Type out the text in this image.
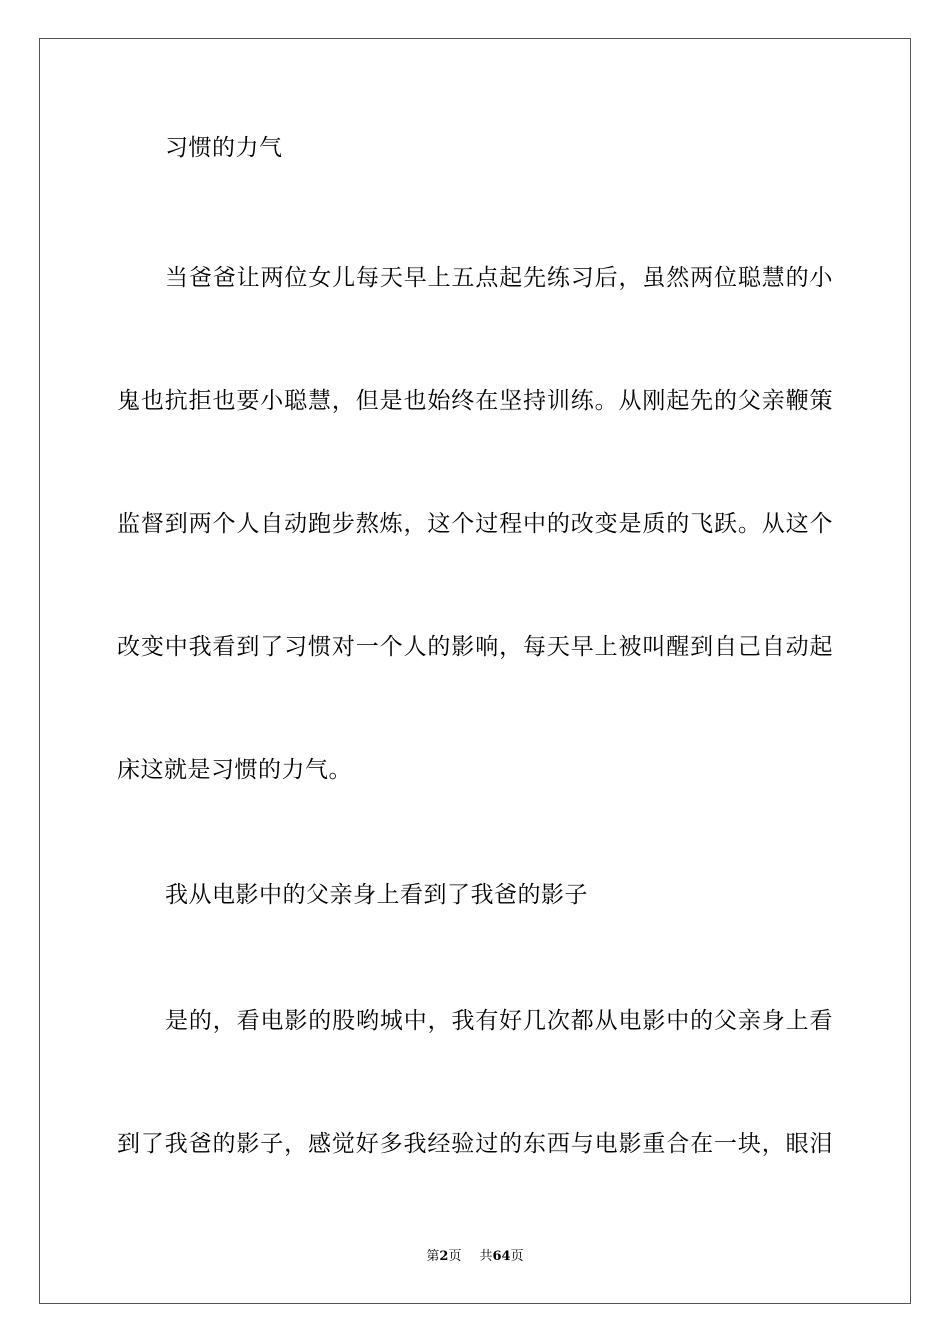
习惯的力气
当爸爸让两位女儿每天早上五点起先练习后，虽然两位聪慧的小
鬼也抗拒也要小聪慧，但是也始终在坚持训练。从刚起先的父亲鞭策
监督到两个人自动跑步熬炼，这个过程中的改变是质的飞跃。从这个
改变中我看到了习惯对一个人的影响，每天早上被叫醒到自己自动起
床这就是习惯的力气。
我从电影中的父亲身上看到了我爸的影子
是的，看电影的股哟城中，我有好几次都从电影中的父亲身上看
到了我爸的影子，感觉好多我经验过的东西与电影重合在一块，眼泪
第2页 共64页
